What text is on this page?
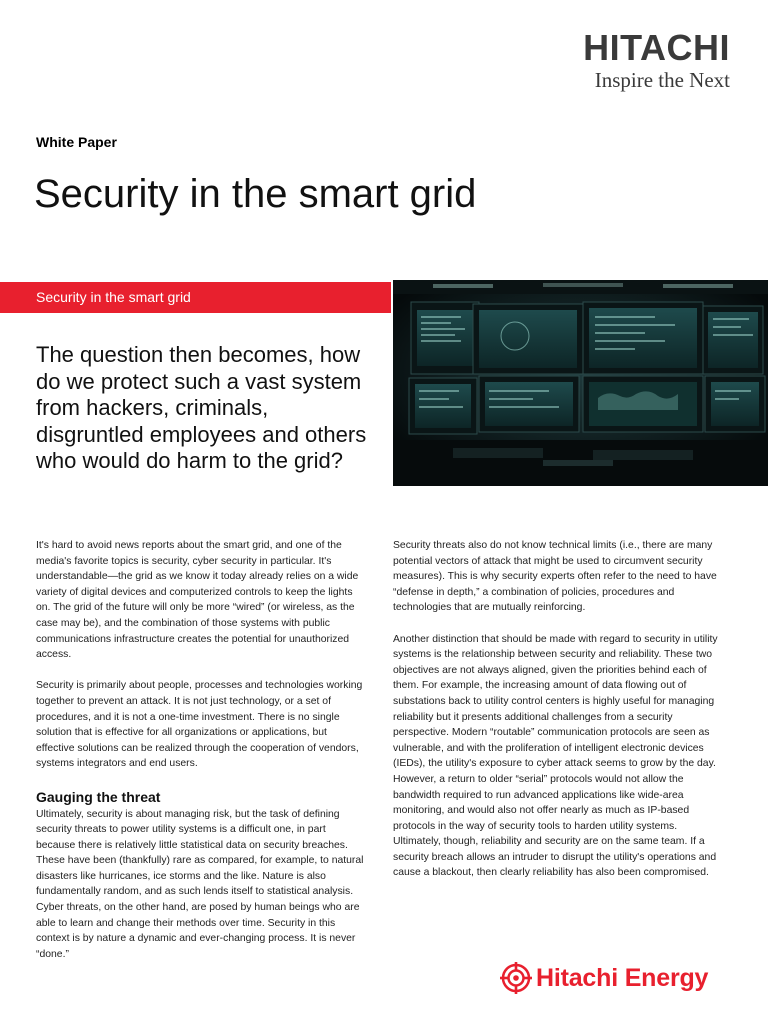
HITACHI
Inspire the Next
White Paper
Security in the smart grid
Security in the smart grid

The question then becomes, how do we protect such a vast system from hackers, criminals, disgruntled employees and others who would do harm to the grid?

It's hard to avoid news reports about the smart grid, and one of the media's favorite topics is security, cyber security in particular. It's understandable—the grid as we know it today already relies on a wide variety of digital devices and computerized controls to keep the lights on. The grid of the future will only be more “wired” (or wireless, as the case may be), and the combination of those systems with public communications infrastructure creates the potential for unauthorized access.

Security is primarily about people, processes and technologies working together to prevent an attack. It is not just technology, or a set of procedures, and it is not a one-time investment. There is no single solution that is effective for all organizations or applications, but effective solutions can be realized through the cooperation of vendors, systems integrators and end users.

Gauging the threat

Ultimately, security is about managing risk, but the task of defining security threats to power utility systems is a difficult one, in part because there is relatively little statistical data on security breaches. These have been (thankfully) rare as compared, for example, to natural disasters like hurricanes, ice storms and the like. Nature is also fundamentally random, and as such lends itself to statistical analysis. Cyber threats, on the other hand, are posed by human beings who are able to learn and change their methods over time. Security in this context is by nature a dynamic and ever-changing process. It is never “done.”

Security threats also do not know technical limits (i.e., there are many potential vectors of attack that might be used to circumvent security measures). This is why security experts often refer to the need to have “defense in depth,” a combination of policies, procedures and technologies that are mutually reinforcing.

Another distinction that should be made with regard to security in utility systems is the relationship between security and reliability. These two objectives are not always aligned, given the priorities behind each of them. For example, the increasing amount of data flowing out of substations back to utility control centers is highly useful for managing reliability but it presents additional challenges from a security perspective. Modern “routable” communication protocols are seen as vulnerable, and with the proliferation of intelligent electronic devices (IEDs), the utility's exposure to cyber attack seems to grow by the day. However, a return to older “serial” protocols would not allow the bandwidth required to run advanced applications like wide-area monitoring, and would also not offer nearly as much as IP-based protocols in the way of security tools to harden utility systems. Ultimately, though, reliability and security are on the same team. If a security breach allows an intruder to disrupt the utility's operations and cause a blackout, then clearly reliability has also been compromised.

Hitachi Energy
